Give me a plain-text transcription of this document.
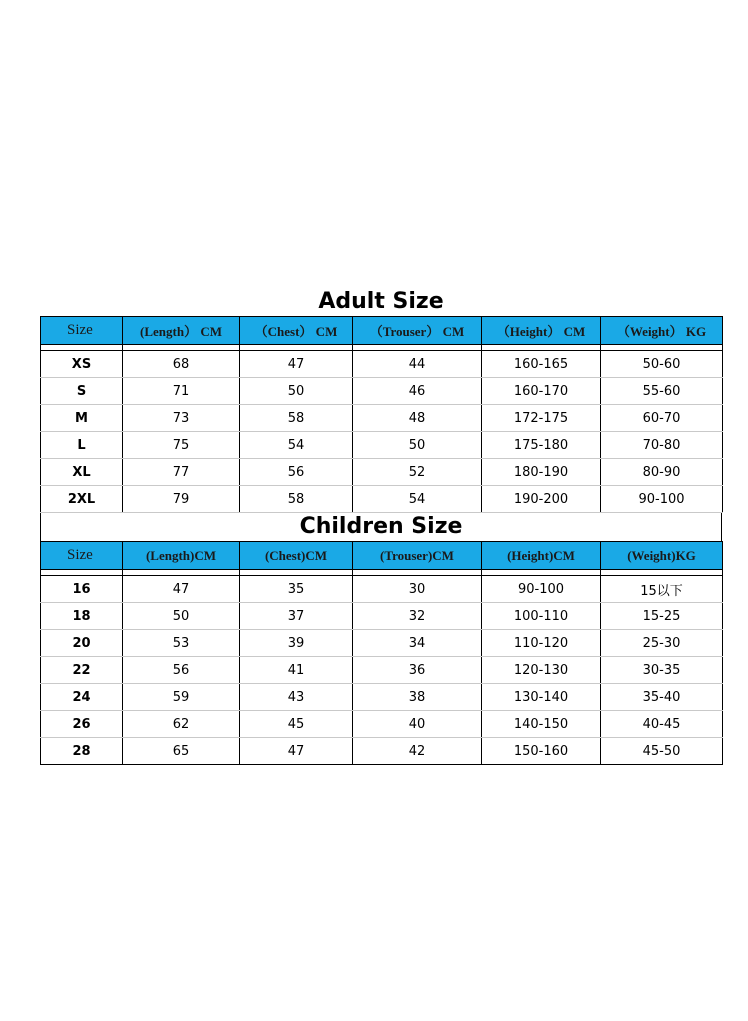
Adult Size
Size	(Length） CM	（Chest） CM	（Trouser） CM	（Height） CM	（Weight） KG

XS	68	47	44	160-165	50-60
S	71	50	46	160-170	55-60
M	73	58	48	172-175	60-70
L	75	54	50	175-180	70-80
XL	77	56	52	180-190	80-90
2XL	79	58	54	190-200	90-100
Children Size
Size	(Length)CM	(Chest)CM	(Trouser)CM	(Height)CM	(Weight)KG

16	47	35	30	90-100	15以下
18	50	37	32	100-110	15-25
20	53	39	34	110-120	25-30
22	56	41	36	120-130	30-35
24	59	43	38	130-140	35-40
26	62	45	40	140-150	40-45
28	65	47	42	150-160	45-50
